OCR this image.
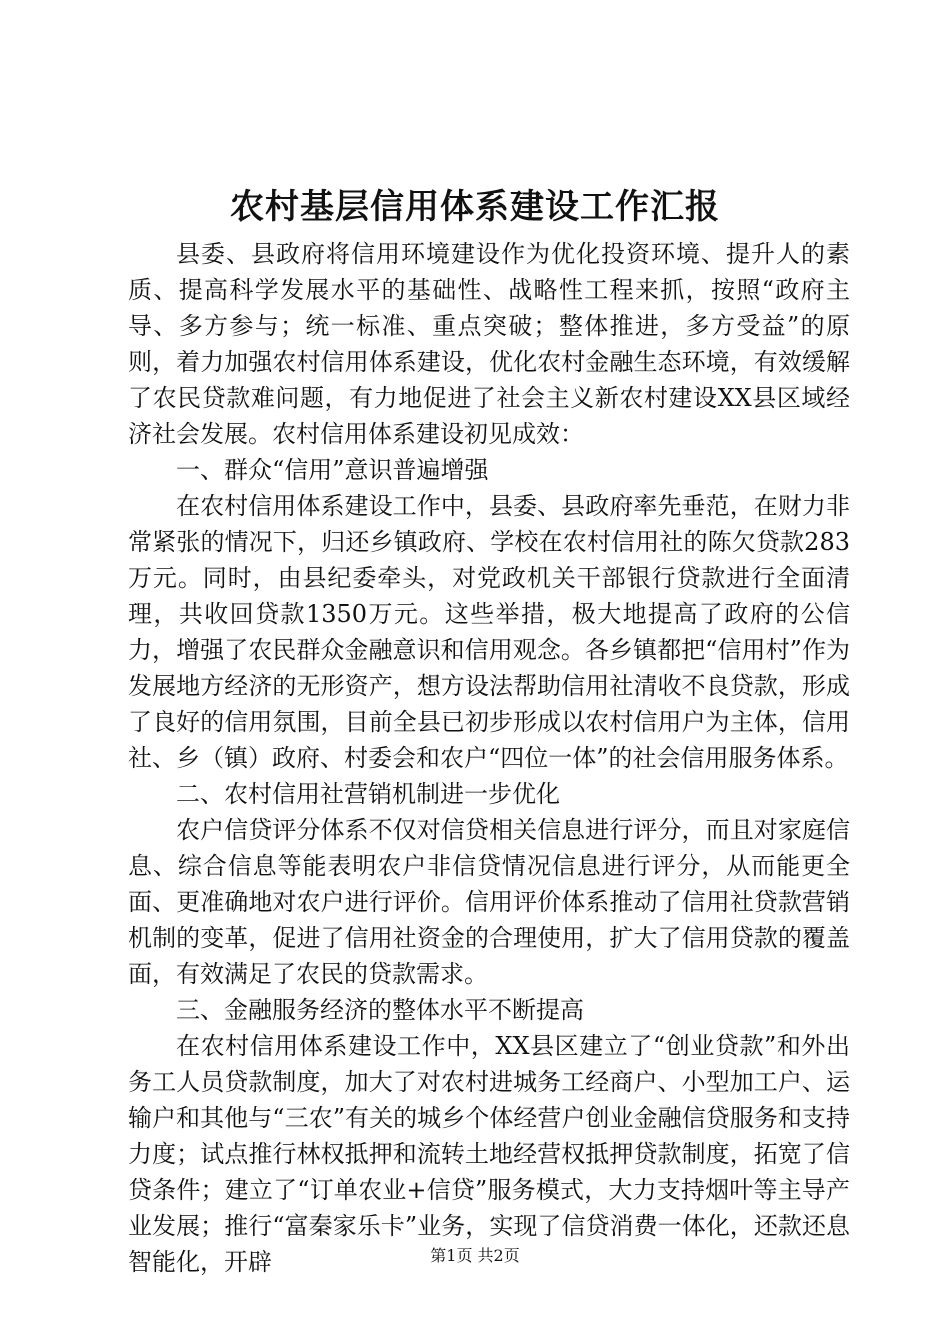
农村基层信用体系建设工作汇报

县委、县政府将信用环境建设作为优化投资环境、提升人的素质、提高科学发展水平的基础性、战略性工程来抓，按照“政府主导、多方参与；统一标准、重点突破；整体推进，多方受益”的原则，着力加强农村信用体系建设，优化农村金融生态环境，有效缓解了农民贷款难问题，有力地促进了社会主义新农村建设XX县区域经济社会发展。农村信用体系建设初见成效：

一、群众“信用”意识普遍增强

在农村信用体系建设工作中，县委、县政府率先垂范，在财力非常紧张的情况下，归还乡镇政府、学校在农村信用社的陈欠贷款283万元。同时，由县纪委牵头，对党政机关干部银行贷款进行全面清理，共收回贷款1350万元。这些举措，极大地提高了政府的公信力，增强了农民群众金融意识和信用观念。各乡镇都把“信用村”作为发展地方经济的无形资产，想方设法帮助信用社清收不良贷款，形成了良好的信用氛围，目前全县已初步形成以农村信用户为主体，信用社、乡（镇）政府、村委会和农户“四位一体”的社会信用服务体系。

二、农村信用社营销机制进一步优化

农户信贷评分体系不仅对信贷相关信息进行评分，而且对家庭信息、综合信息等能表明农户非信贷情况信息进行评分，从而能更全面、更准确地对农户进行评价。信用评价体系推动了信用社贷款营销机制的变革，促进了信用社资金的合理使用，扩大了信用贷款的覆盖面，有效满足了农民的贷款需求。

三、金融服务经济的整体水平不断提高

在农村信用体系建设工作中，XX县区建立了“创业贷款”和外出务工人员贷款制度，加大了对农村进城务工经商户、小型加工户、运输户和其他与“三农”有关的城乡个体经营户创业金融信贷服务和支持力度；试点推行林权抵押和流转土地经营权抵押贷款制度，拓宽了信贷条件；建立了“订单农业+信贷”服务模式，大力支持烟叶等主导产业发展；推行“富秦家乐卡”业务，实现了信贷消费一体化，还款还息智能化，开辟	第1页 共2页
